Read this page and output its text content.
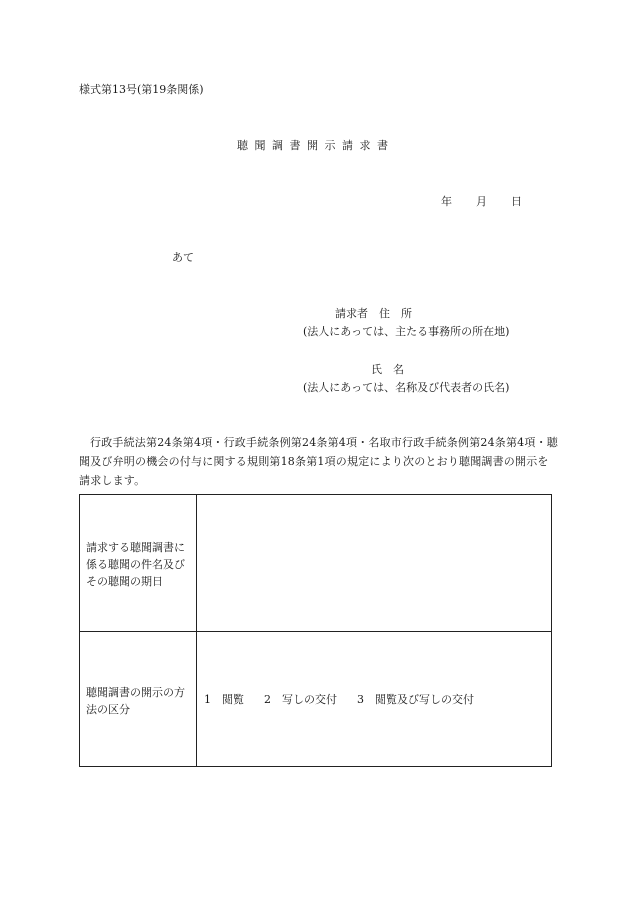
様式第13号(第19条関係)
聴聞調書開示請求書
年 月 日
あて
請求者　住　所
(法人にあっては、主たる事務所の所在地)
氏　名
(法人にあっては、名称及び代表者の氏名)
行政手続法第24条第4項・行政手続条例第24条第4項・名取市行政手続条例第24条第4項・聴聞及び弁明の機会の付与に関する規則第18条第1項の規定により次のとおり聴聞調書の開示を請求します。
請求する聴聞調書に係る聴聞の件名及びその聴聞の期日
聴聞調書の開示の方法の区分
1　閲覧 2　写しの交付 3　閲覧及び写しの交付
